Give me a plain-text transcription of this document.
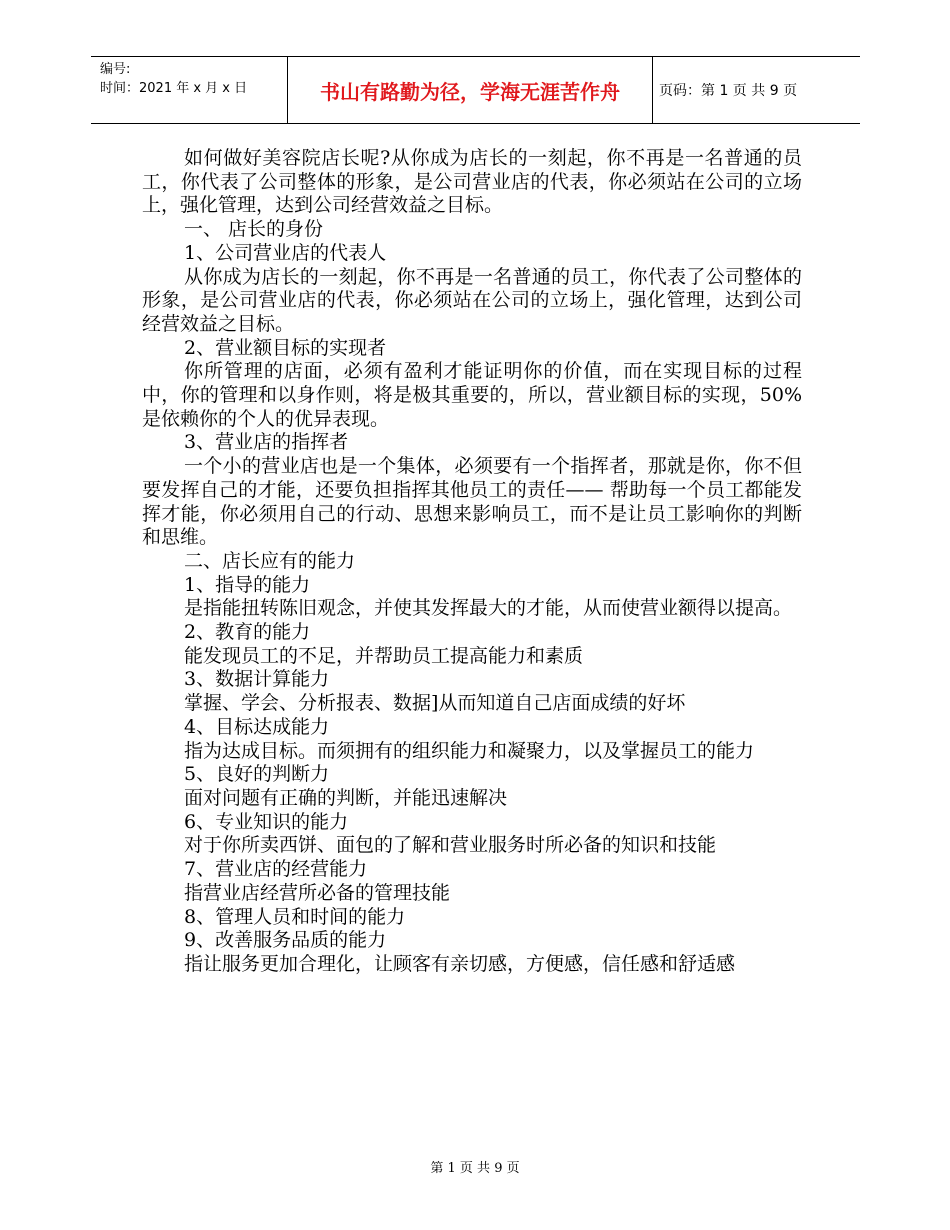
编号:
时间：2021 年 x 月 x 日	书山有路勤为径，学海无涯苦作舟	页码：第 1 页 共 9 页

如何做好美容院店长呢?从你成为店长的一刻起，你不再是一名普通的员工，你代表了公司整体的形象，是公司营业店的代表，你必须站在公司的立场上，强化管理，达到公司经营效益之目标。

一、 店长的身份

1、公司营业店的代表人

从你成为店长的一刻起，你不再是一名普通的员工，你代表了公司整体的形象，是公司营业店的代表，你必须站在公司的立场上，强化管理，达到公司经营效益之目标。

2、营业额目标的实现者

你所管理的店面，必须有盈利才能证明你的价值，而在实现目标的过程中，你的管理和以身作则，将是极其重要的，所以，营业额目标的实现，50%是依赖你的个人的优异表现。

3、营业店的指挥者

一个小的营业店也是一个集体，必须要有一个指挥者，那就是你，你不但要发挥自己的才能，还要负担指挥其他员工的责任—— 帮助每一个员工都能发挥才能，你必须用自己的行动、思想来影响员工，而不是让员工影响你的判断和思维。

二、店长应有的能力

1、指导的能力

是指能扭转陈旧观念，并使其发挥最大的才能，从而使营业额得以提高。

2、教育的能力

能发现员工的不足，并帮助员工提高能力和素质

3、数据计算能力

掌握、学会、分析报表、数据]从而知道自己店面成绩的好坏

4、目标达成能力

指为达成目标。而须拥有的组织能力和凝聚力，以及掌握员工的能力

5、良好的判断力

面对问题有正确的判断，并能迅速解决

6、专业知识的能力

对于你所卖西饼、面包的了解和营业服务时所必备的知识和技能

7、营业店的经营能力

指营业店经营所必备的管理技能

8、管理人员和时间的能力

9、改善服务品质的能力

指让服务更加合理化，让顾客有亲切感，方便感，信任感和舒适感

第 1 页 共 9 页
